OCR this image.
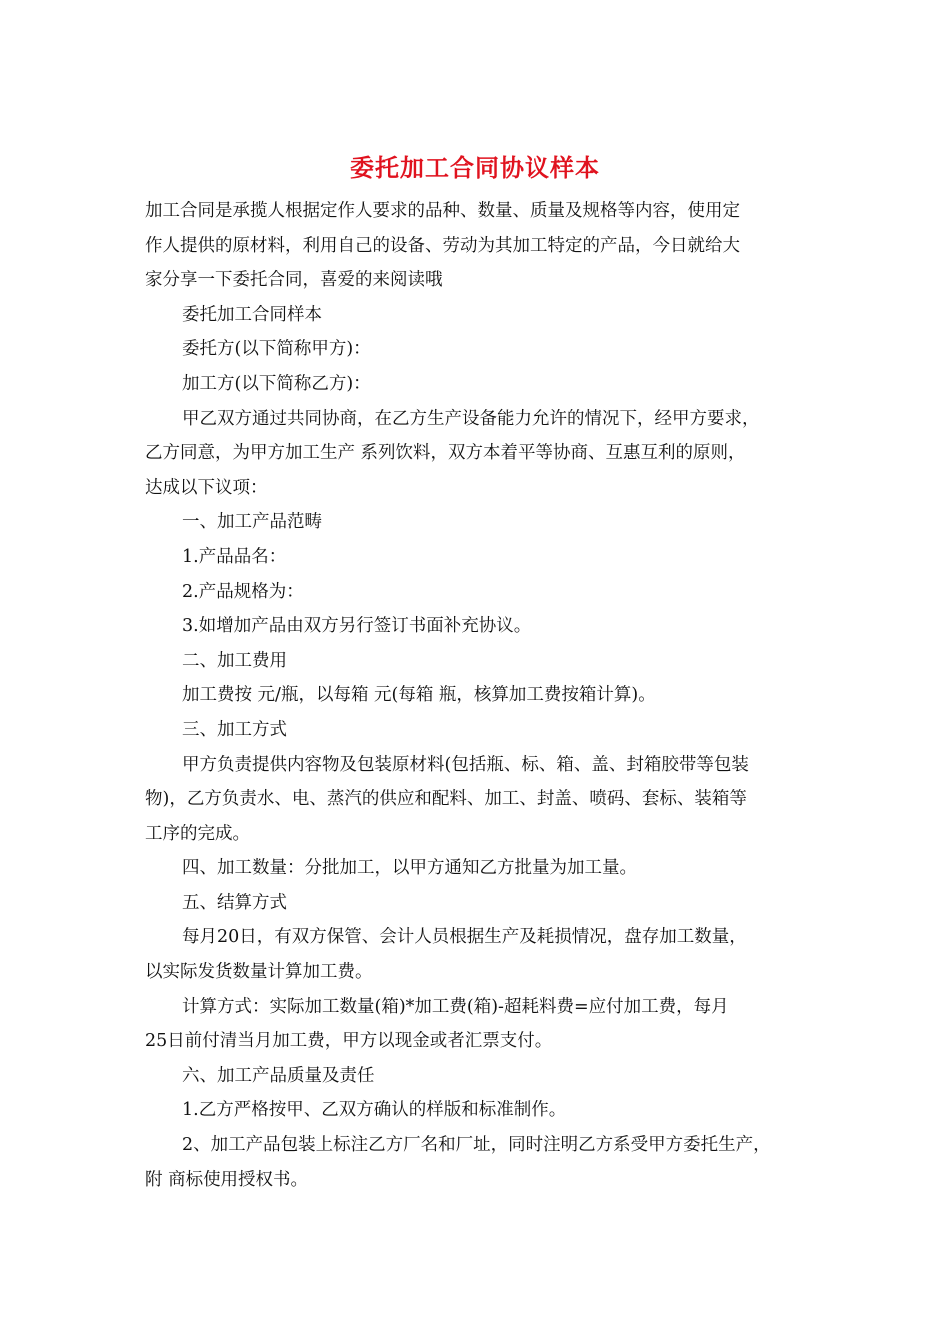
委托加工合同协议样本

加工合同是承揽人根据定作人要求的品种、数量、质量及规格等内容，使用定

作人提供的原材料，利用自己的设备、劳动为其加工特定的产品，今日就给大

家分享一下委托合同，喜爱的来阅读哦

委托加工合同样本

委托方(以下简称甲方)：

加工方(以下简称乙方)：

甲乙双方通过共同协商，在乙方生产设备能力允许的情况下，经甲方要求，

乙方同意，为甲方加工生产 系列饮料，双方本着平等协商、互惠互利的原则，

达成以下议项：

一、加工产品范畴

1.产品品名：

2.产品规格为：

3.如增加产品由双方另行签订书面补充协议。

二、加工费用

加工费按 元/瓶，以每箱 元(每箱 瓶，核算加工费按箱计算)。

三、加工方式

甲方负责提供内容物及包装原材料(包括瓶、标、箱、盖、封箱胶带等包装

物)，乙方负责水、电、蒸汽的供应和配料、加工、封盖、喷码、套标、装箱等

工序的完成。

四、加工数量：分批加工，以甲方通知乙方批量为加工量。

五、结算方式

每月20日，有双方保管、会计人员根据生产及耗损情况，盘存加工数量，

以实际发货数量计算加工费。

计算方式：实际加工数量(箱)*加工费(箱)-超耗料费=应付加工费，每月

25日前付清当月加工费，甲方以现金或者汇票支付。

六、加工产品质量及责任

1.乙方严格按甲、乙双方确认的样版和标准制作。

2、加工产品包装上标注乙方厂名和厂址，同时注明乙方系受甲方委托生产，

附 商标使用授权书。
